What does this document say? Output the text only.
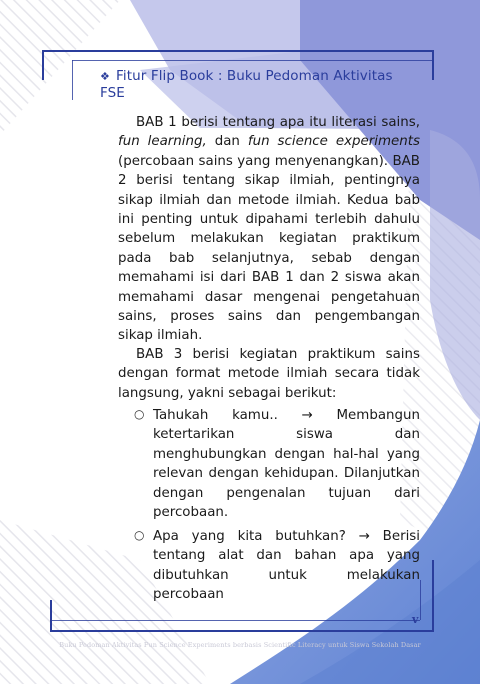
❖ Fitur Flip Book : Buku Pedoman Aktivitas FSE
BAB 1 berisi tentang apa itu literasi sains, fun learning, dan fun science experiments (percobaan sains yang menyenangkan). BAB 2 berisi tentang sikap ilmiah, pentingnya sikap ilmiah dan metode ilmiah. Kedua bab ini penting untuk dipahami terlebih dahulu sebelum melakukan kegiatan praktikum pada bab selanjutnya, sebab dengan memahami isi dari BAB 1 dan 2 siswa akan memahami dasar mengenai pengetahuan sains, proses sains dan pengembangan sikap ilmiah.
BAB 3 berisi kegiatan praktikum sains dengan format metode ilmiah secara tidak langsung, yakni sebagai berikut:
○ Tahukah kamu.. → Membangun ketertarikan siswa dan menghubungkan dengan hal-hal yang relevan dengan kehidupan. Dilanjutkan dengan pengenalan tujuan dari percobaan.
○ Apa yang kita butuhkan? → Berisi tentang alat dan bahan apa yang dibutuhkan untuk melakukan percobaan
v
Buku Pedoman Aktivitas Fun Science Experiments berbasis Scientific Literacy untuk Siswa Sekolah Dasar
